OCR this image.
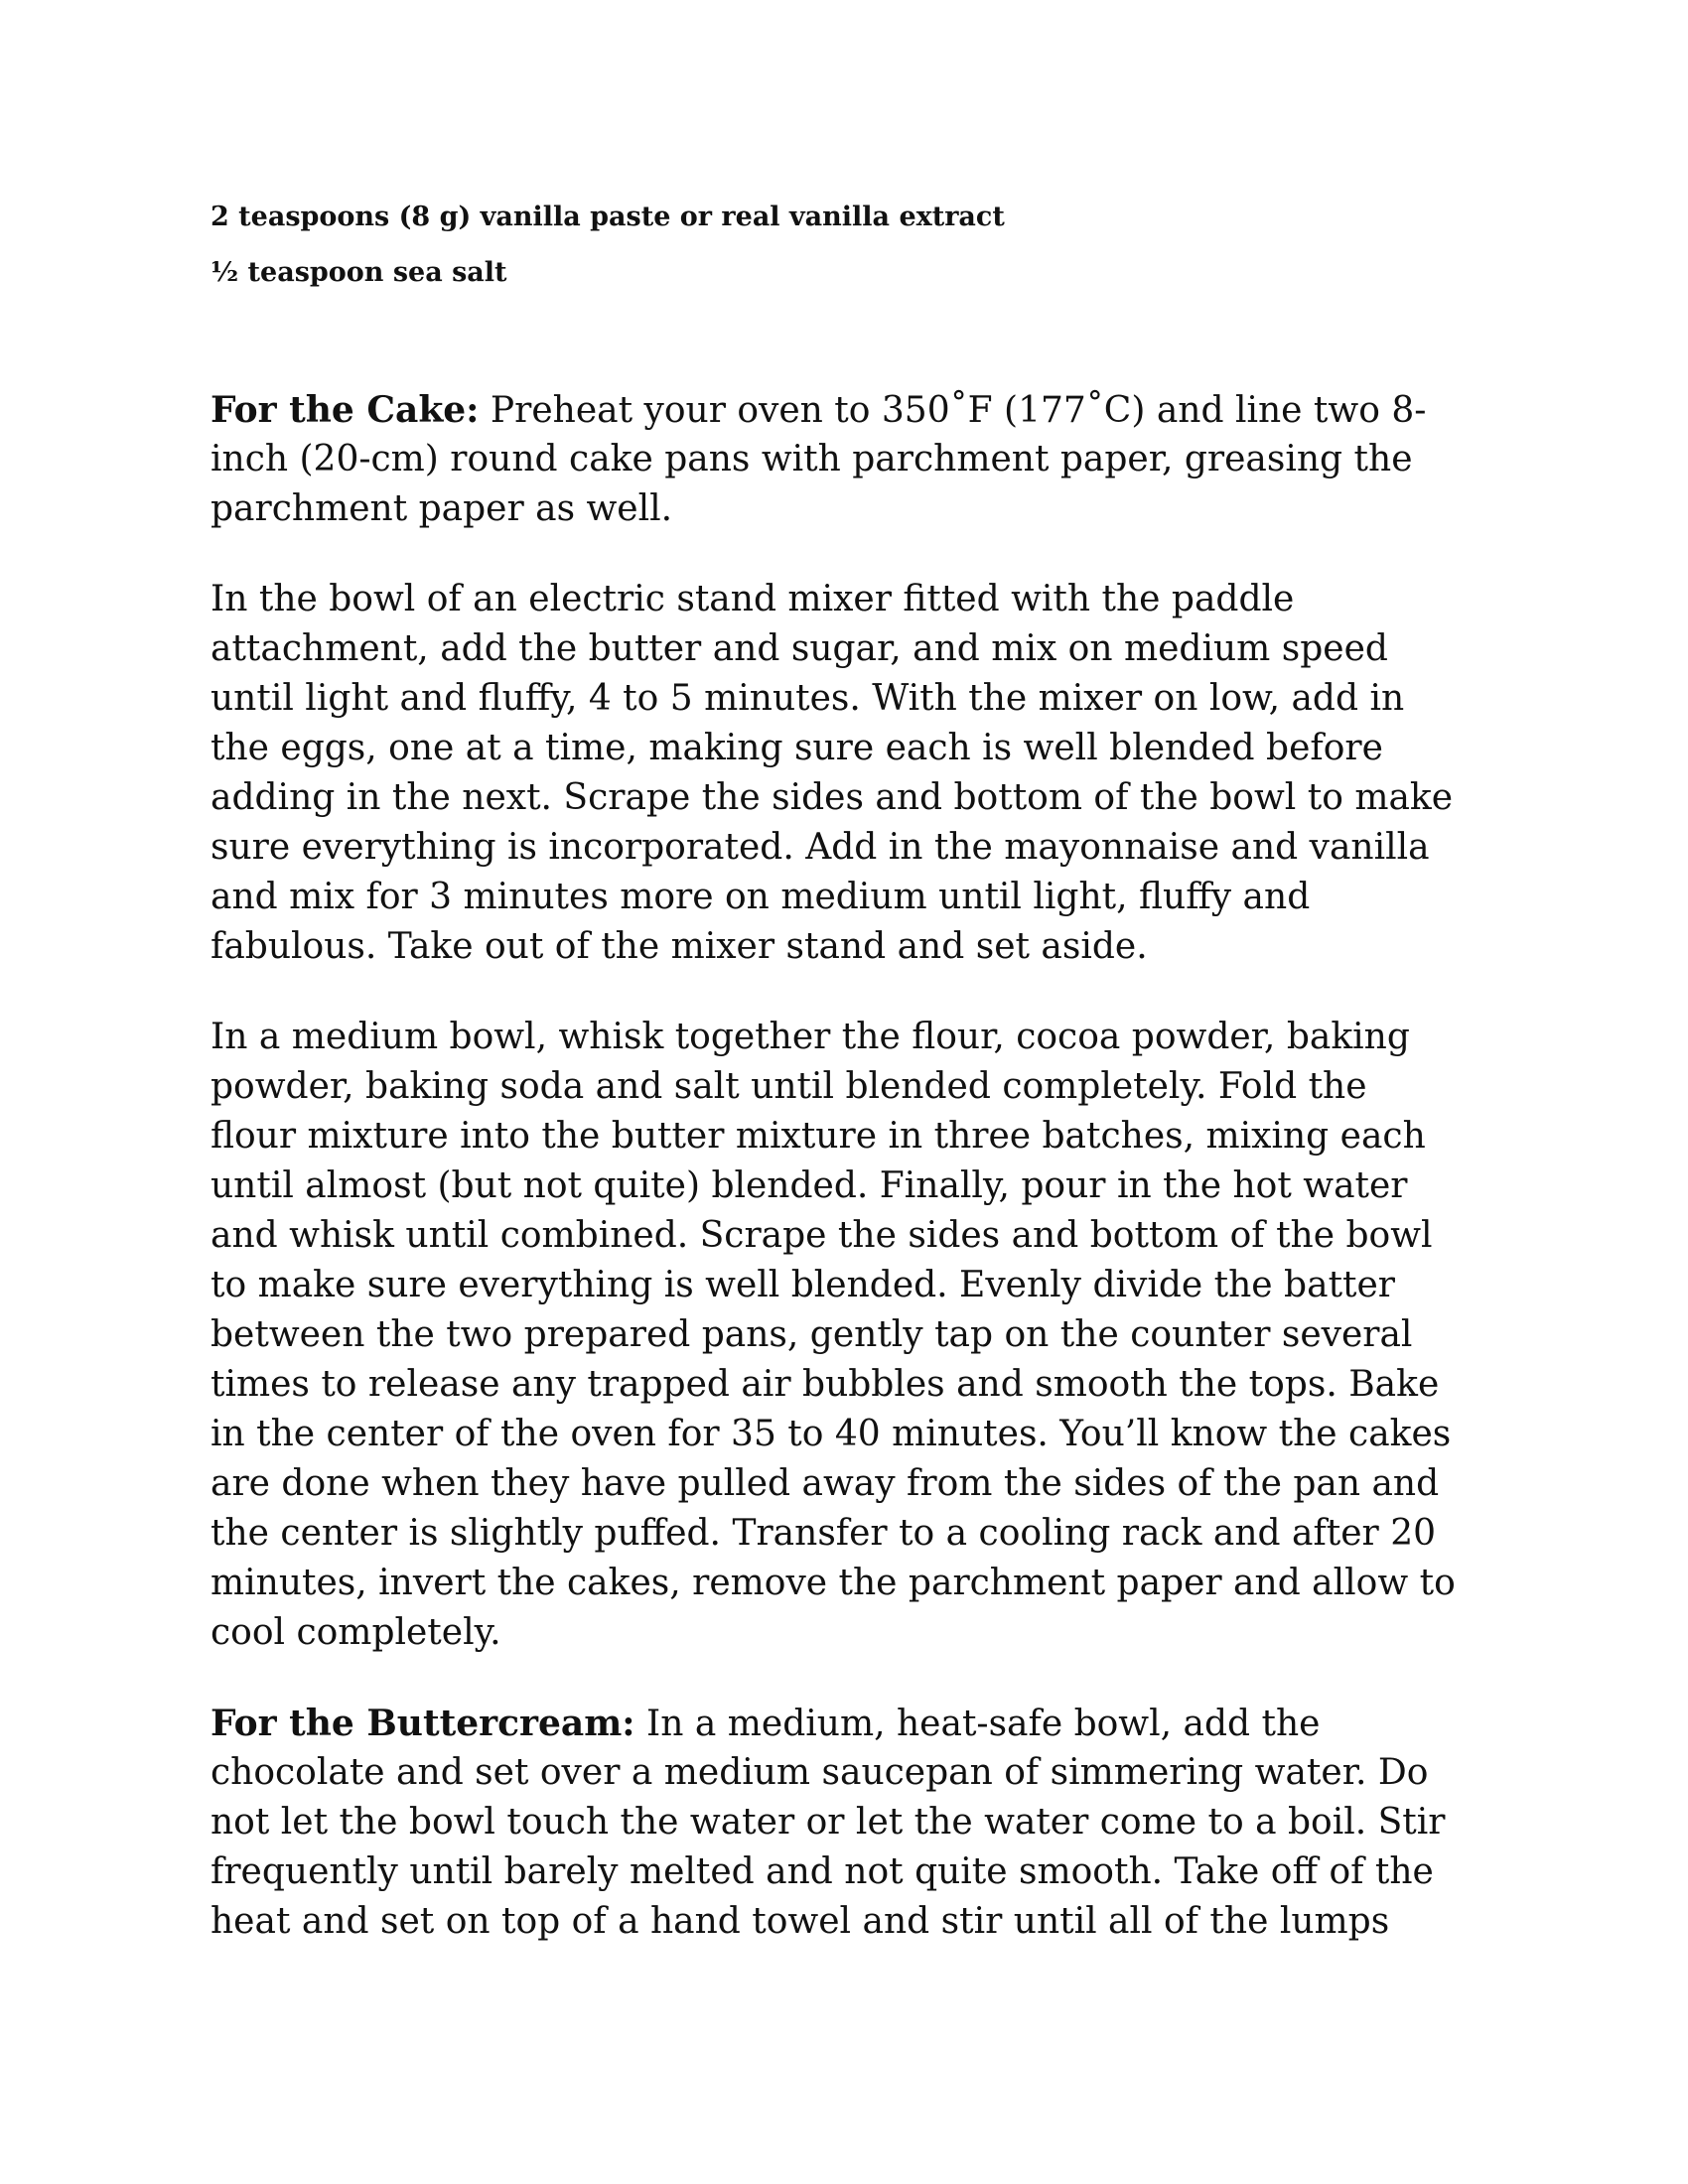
2 teaspoons (8 g) vanilla paste or real vanilla extract
½ teaspoon sea salt

For the Cake: Preheat your oven to 350˚F (177˚C) and line two 8-
inch (20-cm) round cake pans with parchment paper, greasing the
parchment paper as well.

In the bowl of an electric stand mixer fitted with the paddle
attachment, add the butter and sugar, and mix on medium speed
until light and fluffy, 4 to 5 minutes. With the mixer on low, add in
the eggs, one at a time, making sure each is well blended before
adding in the next. Scrape the sides and bottom of the bowl to make
sure everything is incorporated. Add in the mayonnaise and vanilla
and mix for 3 minutes more on medium until light, fluffy and
fabulous. Take out of the mixer stand and set aside.

In a medium bowl, whisk together the flour, cocoa powder, baking
powder, baking soda and salt until blended completely. Fold the
flour mixture into the butter mixture in three batches, mixing each
until almost (but not quite) blended. Finally, pour in the hot water
and whisk until combined. Scrape the sides and bottom of the bowl
to make sure everything is well blended. Evenly divide the batter
between the two prepared pans, gently tap on the counter several
times to release any trapped air bubbles and smooth the tops. Bake
in the center of the oven for 35 to 40 minutes. You’ll know the cakes
are done when they have pulled away from the sides of the pan and
the center is slightly puffed. Transfer to a cooling rack and after 20
minutes, invert the cakes, remove the parchment paper and allow to
cool completely.

For the Buttercream: In a medium, heat-safe bowl, add the
chocolate and set over a medium saucepan of simmering water. Do
not let the bowl touch the water or let the water come to a boil. Stir
frequently until barely melted and not quite smooth. Take off of the
heat and set on top of a hand towel and stir until all of the lumps
